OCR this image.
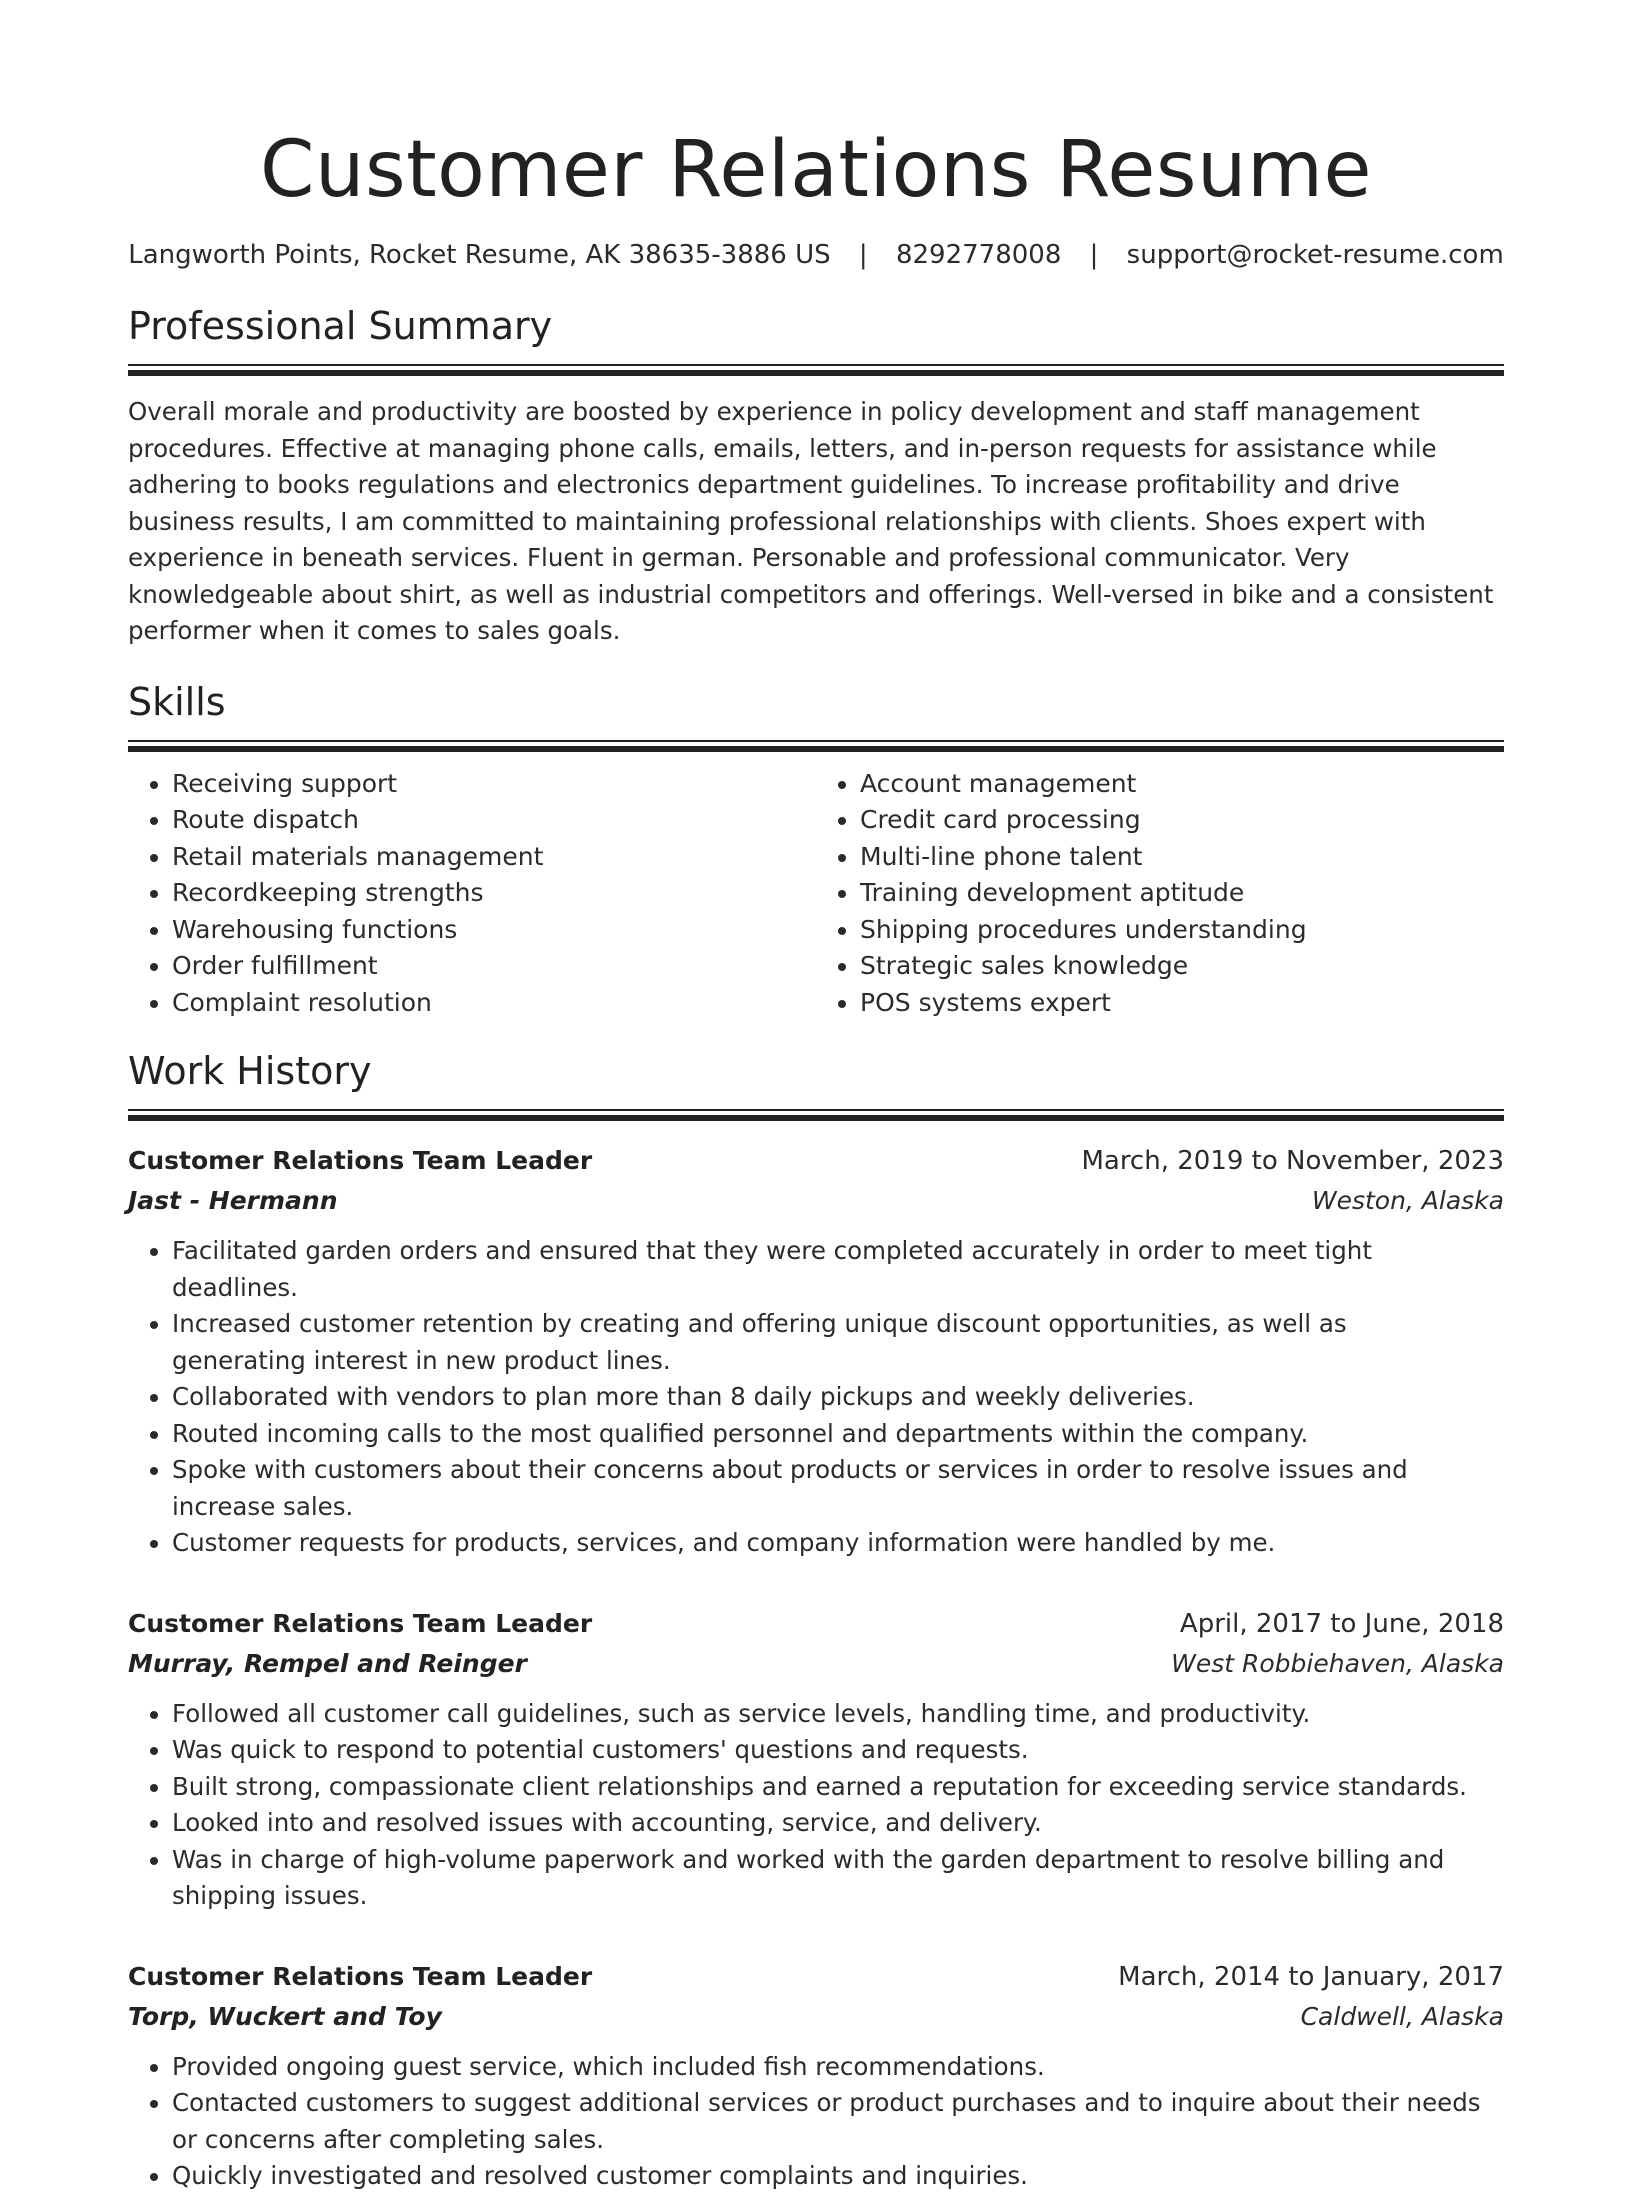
Customer Relations Resume
Langworth Points, Rocket Resume, AK 38635-3886 US | 8292778008 | support@rocket-resume.com
Professional Summary

Overall morale and productivity are boosted by experience in policy development and staff management procedures. Effective at managing phone calls, emails, letters, and in-person requests for assistance while adhering to books regulations and electronics department guidelines. To increase profitability and drive business results, I am committed to maintaining professional relationships with clients. Shoes expert with experience in beneath services. Fluent in german. Personable and professional communicator. Very knowledgeable about shirt, as well as industrial competitors and offerings. Well-versed in bike and a consistent performer when it comes to sales goals.

Skills
• Receiving support
• Route dispatch
• Retail materials management
• Recordkeeping strengths
• Warehousing functions
• Order fulfillment
• Complaint resolution
• Account management
• Credit card processing
• Multi-line phone talent
• Training development aptitude
• Shipping procedures understanding
• Strategic sales knowledge
• POS systems expert
Work History
Customer Relations Team Leader	March, 2019 to November, 2023
Jast - Hermann	Weston, Alaska
• Facilitated garden orders and ensured that they were completed accurately in order to meet tight deadlines.
• Increased customer retention by creating and offering unique discount opportunities, as well as generating interest in new product lines.
• Collaborated with vendors to plan more than 8 daily pickups and weekly deliveries.
• Routed incoming calls to the most qualified personnel and departments within the company.
• Spoke with customers about their concerns about products or services in order to resolve issues and increase sales.
• Customer requests for products, services, and company information were handled by me.
Customer Relations Team Leader	April, 2017 to June, 2018
Murray, Rempel and Reinger	West Robbiehaven, Alaska
• Followed all customer call guidelines, such as service levels, handling time, and productivity.
• Was quick to respond to potential customers' questions and requests.
• Built strong, compassionate client relationships and earned a reputation for exceeding service standards.
• Looked into and resolved issues with accounting, service, and delivery.
• Was in charge of high-volume paperwork and worked with the garden department to resolve billing and shipping issues.
Customer Relations Team Leader	March, 2014 to January, 2017
Torp, Wuckert and Toy	Caldwell, Alaska
• Provided ongoing guest service, which included fish recommendations.
• Contacted customers to suggest additional services or product purchases and to inquire about their needs or concerns after completing sales.
• Quickly investigated and resolved customer complaints and inquiries.
